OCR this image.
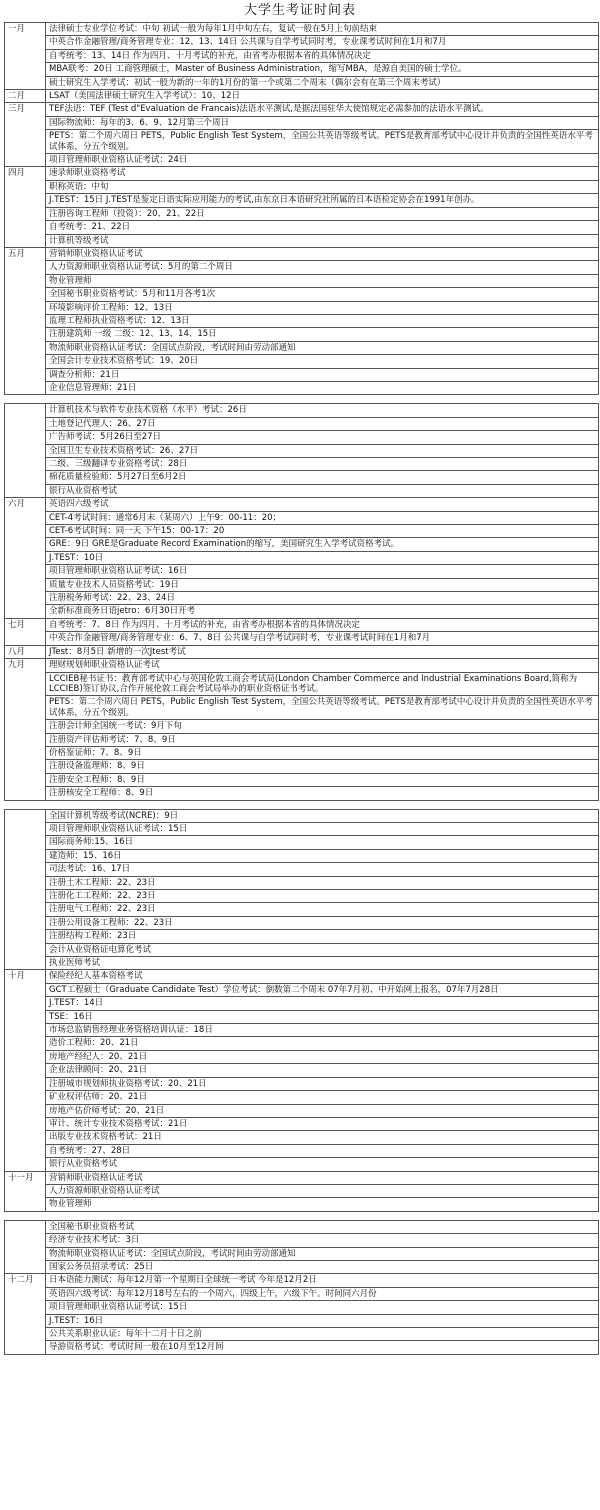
大学生考证时间表
一月	法律硕士专业学位考试：中旬 初试一般为每年1月中旬左右，复试一般在5月上旬前结束
	中英合作金融管理/商务管理专业：12、13、14日 公共课与自学考试同时考，专业课考试时间在1月和7月
	自考统考：13、14日 作为四月、十月考试的补充，由省考办根据本省的具体情况决定
	MBA联考：20日 工商管理硕士，Master of Business Administration，缩写MBA，是源自美国的硕士学位。
	硕士研究生入学考试：初试一般为新的一年的1月份的第一个或第二个周末（偶尔会有在第三个周末考试）
二月	LSAT（美国法律硕士研究生入学考试）：10、12日
三月	TEF法语：TEF (Test d"Evaluation de Francais)法语水平测试,是据法国驻华大使馆规定必需参加的法语水平测试。
	国际物流师：每年的3、6、9、12月第三个周日
	PETS：第二个周六周日 PETS，Public English Test System，全国公共英语等级考试。PETS是教育部考试中心设计并负责的全国性英语水平考试体系，分五个级别。
	项目管理师职业资格认证考试：24日
四月	速录师职业资格考试
	职称英语：中旬
	J.TEST：15日 J.TEST是鉴定日语实际应用能力的考试,由东京日本语研究社所属的日本语检定协会在1991年创办。
	注册咨询工程师（投资）：20、21、22日
	自考统考：21、22日
	计算机等级考试
五月	营销师职业资格认证考试
	人力资源师职业资格认证考试：5月的第二个周日
	物业管理师
	全国秘书职业资格考试：5月和11月各考1次
	环境影响评价工程师：12、13日
	监理工程师执业资格考试：12、13日
	注册建筑师 一级 二级：12、13、14、15日
	物流师职业资格认证考试：全国试点阶段，考试时间由劳动部通知
	全国会计专业技术资格考试：19、20日
	调查分析师：21日
	企业信息管理师：21日

	计算机技术与软件专业技术资格（水平）考试：26日
	土地登记代理人：26、27日
	广告师考试：5月26日至27日
	全国卫生专业技术资格考试：26、27日
	二级、三级翻译专业资格考试：28日
	棉花质量检验师：5月27日至6月2日
	银行从业资格考试
六月	英语四六级考试
	CET-4考试时间：通常6月末（某周六）上午9：00-11：20；
	CET-6考试时间：同一天 下午15：00-17：20
	GRE：9日 GRE是Graduate Record Examination的缩写，美国研究生入学考试资格考试。
	J.TEST：10日
	项目管理师职业资格认证考试：16日
	质量专业技术人员资格考试：19日
	注册税务师考试：22、23、24日
	全新标准商务日语jetro：6月30日开考
七月	自考统考：7、8日 作为四月、十月考试的补充，由省考办根据本省的具体情况决定
	中英合作金融管理/商务管理专业：6、7、8日 公共课与自学考试同时考，专业课考试时间在1月和7月
八月	JTest：8月5日 新增的一次Jtest考试
九月	理财规划师职业资格认证考试
	LCCIEB秘书证书：教育部考试中心与英国伦敦工商会考试局(London Chamber Commerce and Industrial Examinations Board,简称为LCCIEB)签订协议,合作开展伦敦工商会考试局举办的职业资格证书考试。
	PETS：第二个周六周日 PETS，Public English Test System，全国公共英语等级考试。PETS是教育部考试中心设计并负责的全国性英语水平考试体系，分五个级别。
	注册会计师全国统一考试：9月下旬
	注册资产评估师考试：7、8、9日
	价格鉴证师：7、8、9日
	注册设备监理师：8、9日
	注册安全工程师：8、9日
	注册核安全工程师：8、9日

	全国计算机等级考试(NCRE)：9日
	项目管理师职业资格认证考试：15日
	国际商务师:15、16日
	建造师：15、16日
	司法考试：16、17日
	注册土木工程师：22、23日
	注册化工工程师：22、23日
	注册电气工程师：22、23日
	注册公用设备工程师：22、23日
	注册结构工程师：23日
	会计从业资格证电算化考试
	执业医师考试
十月	保险经纪人基本资格考试
	GCT工程硕士（Graduate Candidate Test）学位考试：倒数第二个周末 07年7月初、中开始网上报名，07年7月28日
	J.TEST：14日
	TSE：16日
	市场总监销售经理业务资格培训认证：18日
	造价工程师：20、21日
	房地产经纪人：20、21日
	企业法律顾问：20、21日
	注册城市规划师执业资格考试：20、21日
	矿业权评估师：20、21日
	房地产估价师考试：20、21日
	审计、统计专业技术资格考试：21日
	出版专业技术资格考试：21日
	自考统考：27、28日
	银行从业资格考试
十一月	营销师职业资格认证考试
	人力资源师职业资格认证考试
	物业管理师

	全国秘书职业资格考试
	经济专业技术考试：3日
	物流师职业资格认证考试：全国试点阶段，考试时间由劳动部通知
	国家公务员招录考试：25日
十二月	日本语能力测试：每年12月第一个星期日全球统一考试 今年是12月2日
	英语四六级考试：每年12月18号左右的一个周六，四级上午，六级下午。时间同六月份
	项目管理师职业资格认证考试：15日
	J.TEST：16日
	公共关系职业认证：每年十二月十日之前
	导游资格考试：考试时间一般在10月至12月间
